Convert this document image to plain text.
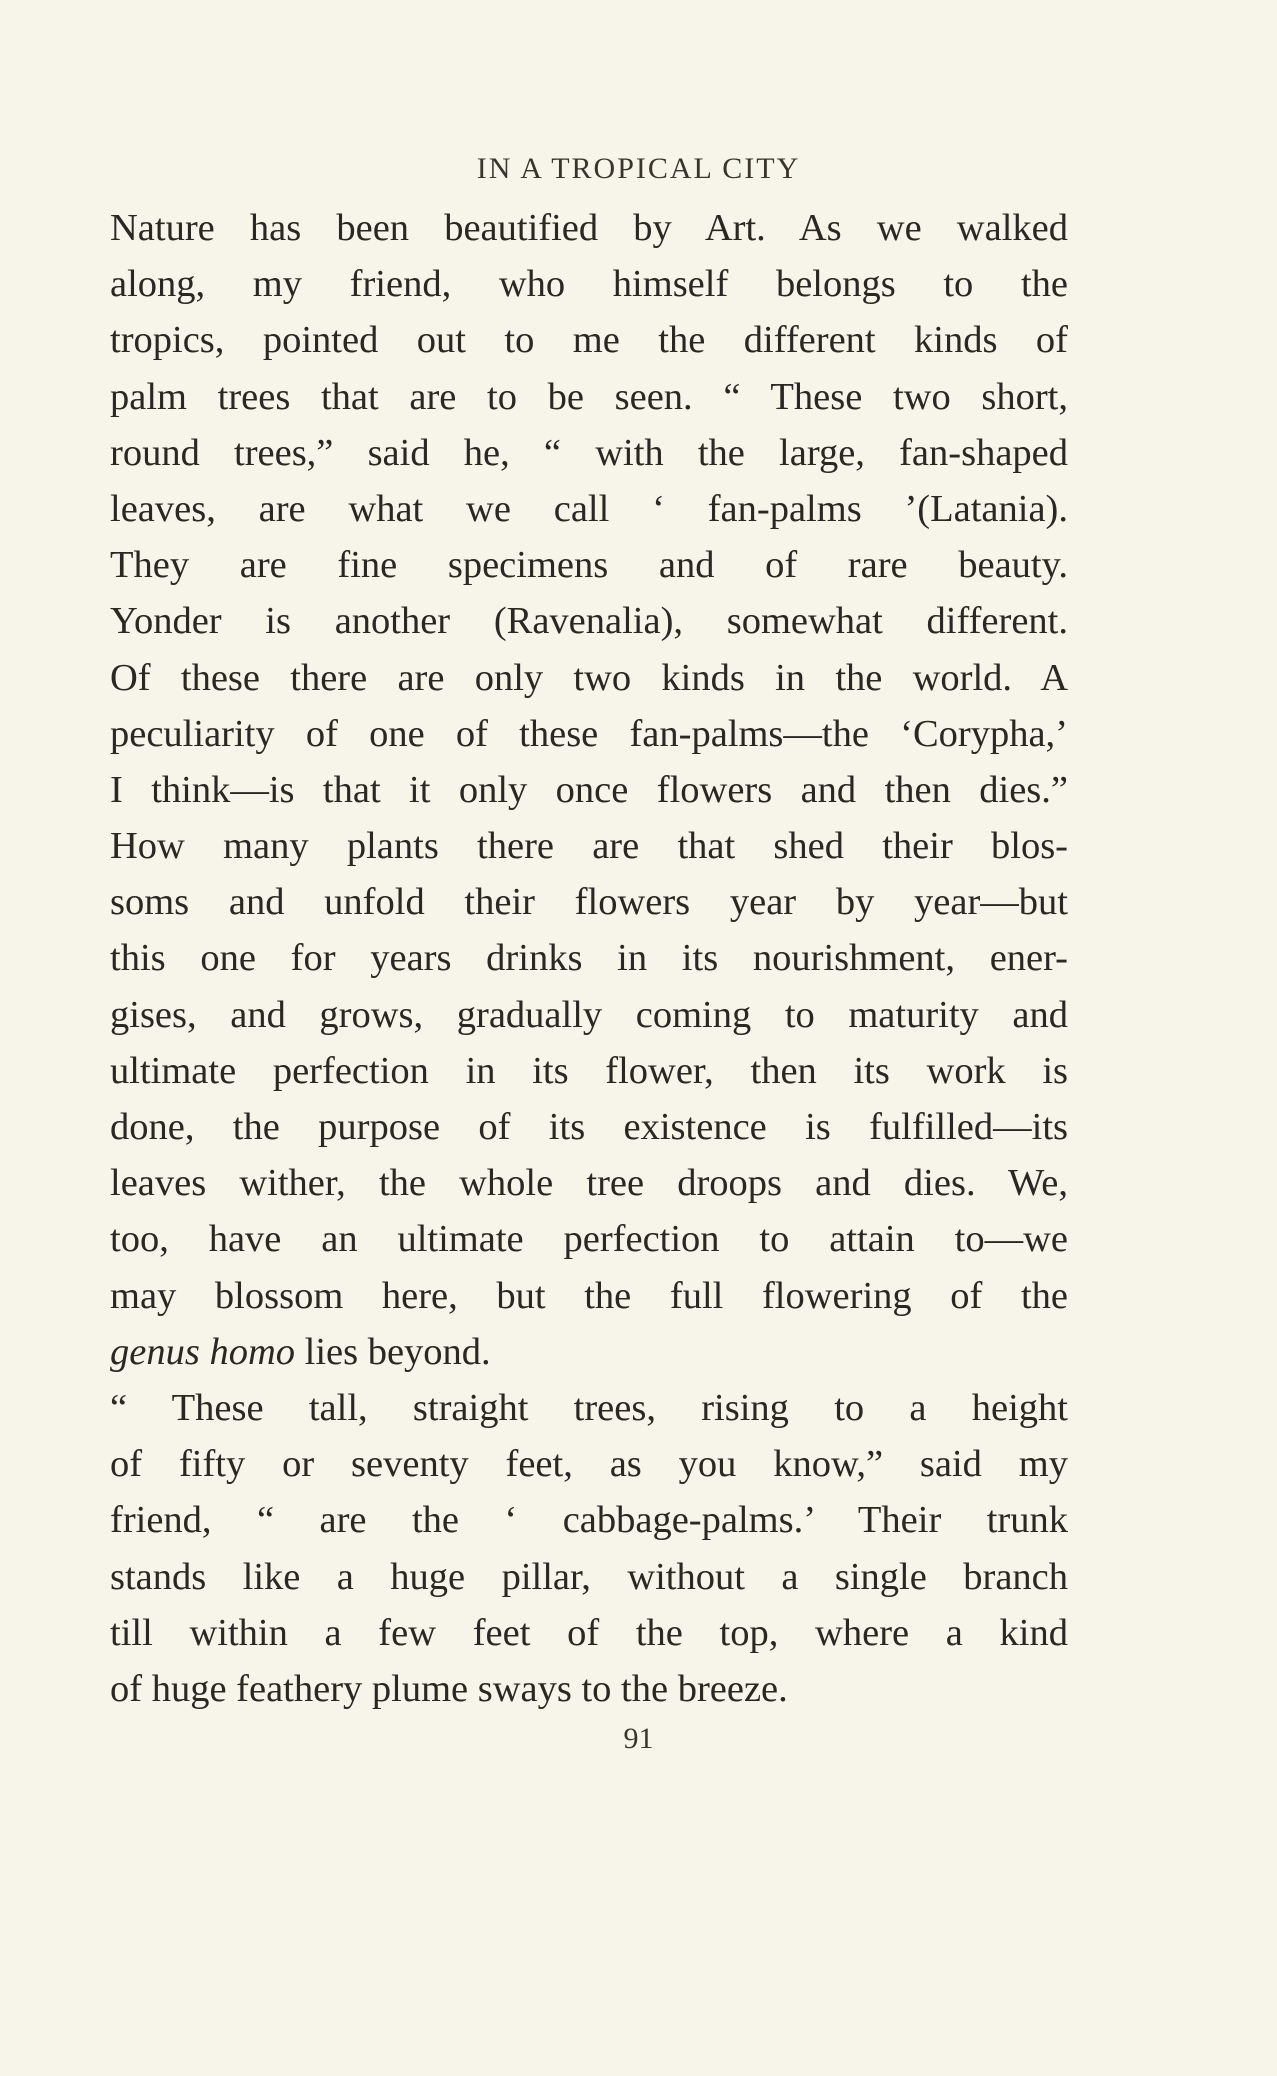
IN A TROPICAL CITY
Nature has been beautified by Art. As we walked
along, my friend, who himself belongs to the
tropics, pointed out to me the different kinds of
palm trees that are to be seen. “ These two short,
round trees,” said he, “ with the large, fan-shaped
leaves, are what we call ‘ fan-palms ’(Latania).
They are fine specimens and of rare beauty.
Yonder is another (Ravenalia), somewhat different.
Of these there are only two kinds in the world. A
peculiarity of one of these fan-palms—the ‘Corypha,’
I think—is that it only once flowers and then dies.”
How many plants there are that shed their blos-
soms and unfold their flowers year by year—but
this one for years drinks in its nourishment, ener-
gises, and grows, gradually coming to maturity and
ultimate perfection in its flower, then its work is
done, the purpose of its existence is fulfilled—its
leaves wither, the whole tree droops and dies. We,
too, have an ultimate perfection to attain to—we
may blossom here, but the full flowering of the
genus homo lies beyond.
“ These tall, straight trees, rising to a height
of fifty or seventy feet, as you know,” said my
friend, “ are the ‘ cabbage-palms.’ Their trunk
stands like a huge pillar, without a single branch
till within a few feet of the top, where a kind
of huge feathery plume sways to the breeze.
91
